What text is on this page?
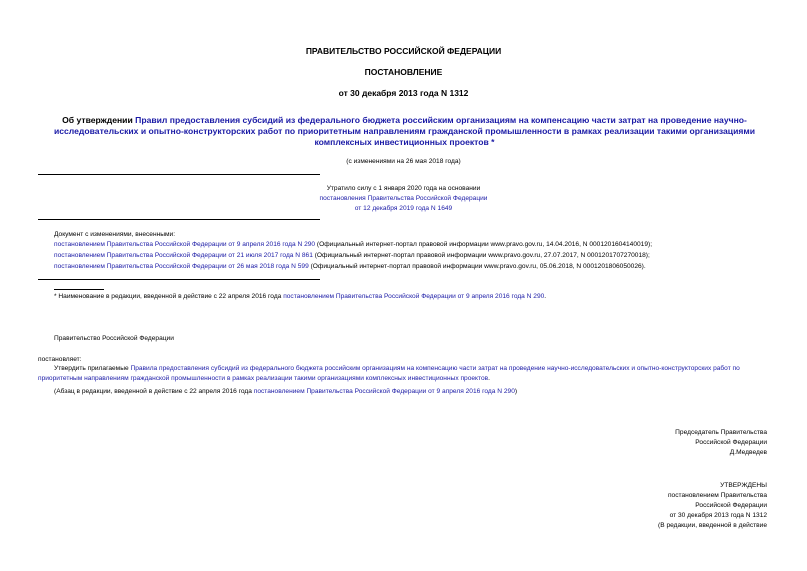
ПРАВИТЕЛЬСТВО РОССИЙСКОЙ ФЕДЕРАЦИИ
ПОСТАНОВЛЕНИЕ
от 30 декабря 2013 года N 1312
Об утверждении Правил предоставления субсидий из федерального бюджета российским организациям на компенсацию части затрат на проведение научно-исследовательских и опытно-конструкторских работ по приоритетным направлениям гражданской промышленности в рамках реализации такими организациями комплексных инвестиционных проектов *
(с изменениями на 26 мая 2018 года)
Утратило силу с 1 января 2020 года на основании
постановления Правительства Российской Федерации
от 12 декабря 2019 года N 1649
Документ с изменениями, внесенными:
постановлением Правительства Российской Федерации от 9 апреля 2016 года N 290 (Официальный интернет-портал правовой информации www.pravo.gov.ru, 14.04.2016, N 0001201604140019);
постановлением Правительства Российской Федерации от 21 июля 2017 года N 861 (Официальный интернет-портал правовой информации www.pravo.gov.ru, 27.07.2017, N 0001201707270018);
постановлением Правительства Российской Федерации от 26 мая 2018 года N 599 (Официальный интернет-портал правовой информации www.pravo.gov.ru, 05.06.2018, N 0001201806050026).
* Наименование в редакции, введенной в действие с 22 апреля 2016 года постановлением Правительства Российской Федерации от 9 апреля 2016 года N 290.
Правительство Российской Федерации
постановляет:
Утвердить прилагаемые Правила предоставления субсидий из федерального бюджета российским организациям на компенсацию части затрат на проведение научно-исследовательских и опытно-конструкторских работ по приоритетным направлениям гражданской промышленности в рамках реализации такими организациями комплексных инвестиционных проектов.
(Абзац в редакции, введенной в действие с 22 апреля 2016 года постановлением Правительства Российской Федерации от 9 апреля 2016 года N 290)
Председатель Правительства
Российской Федерации
Д.Медведев
УТВЕРЖДЕНЫ
постановлением Правительства
Российской Федерации
от 30 декабря 2013 года N 1312
(В редакции, введенной в действие
